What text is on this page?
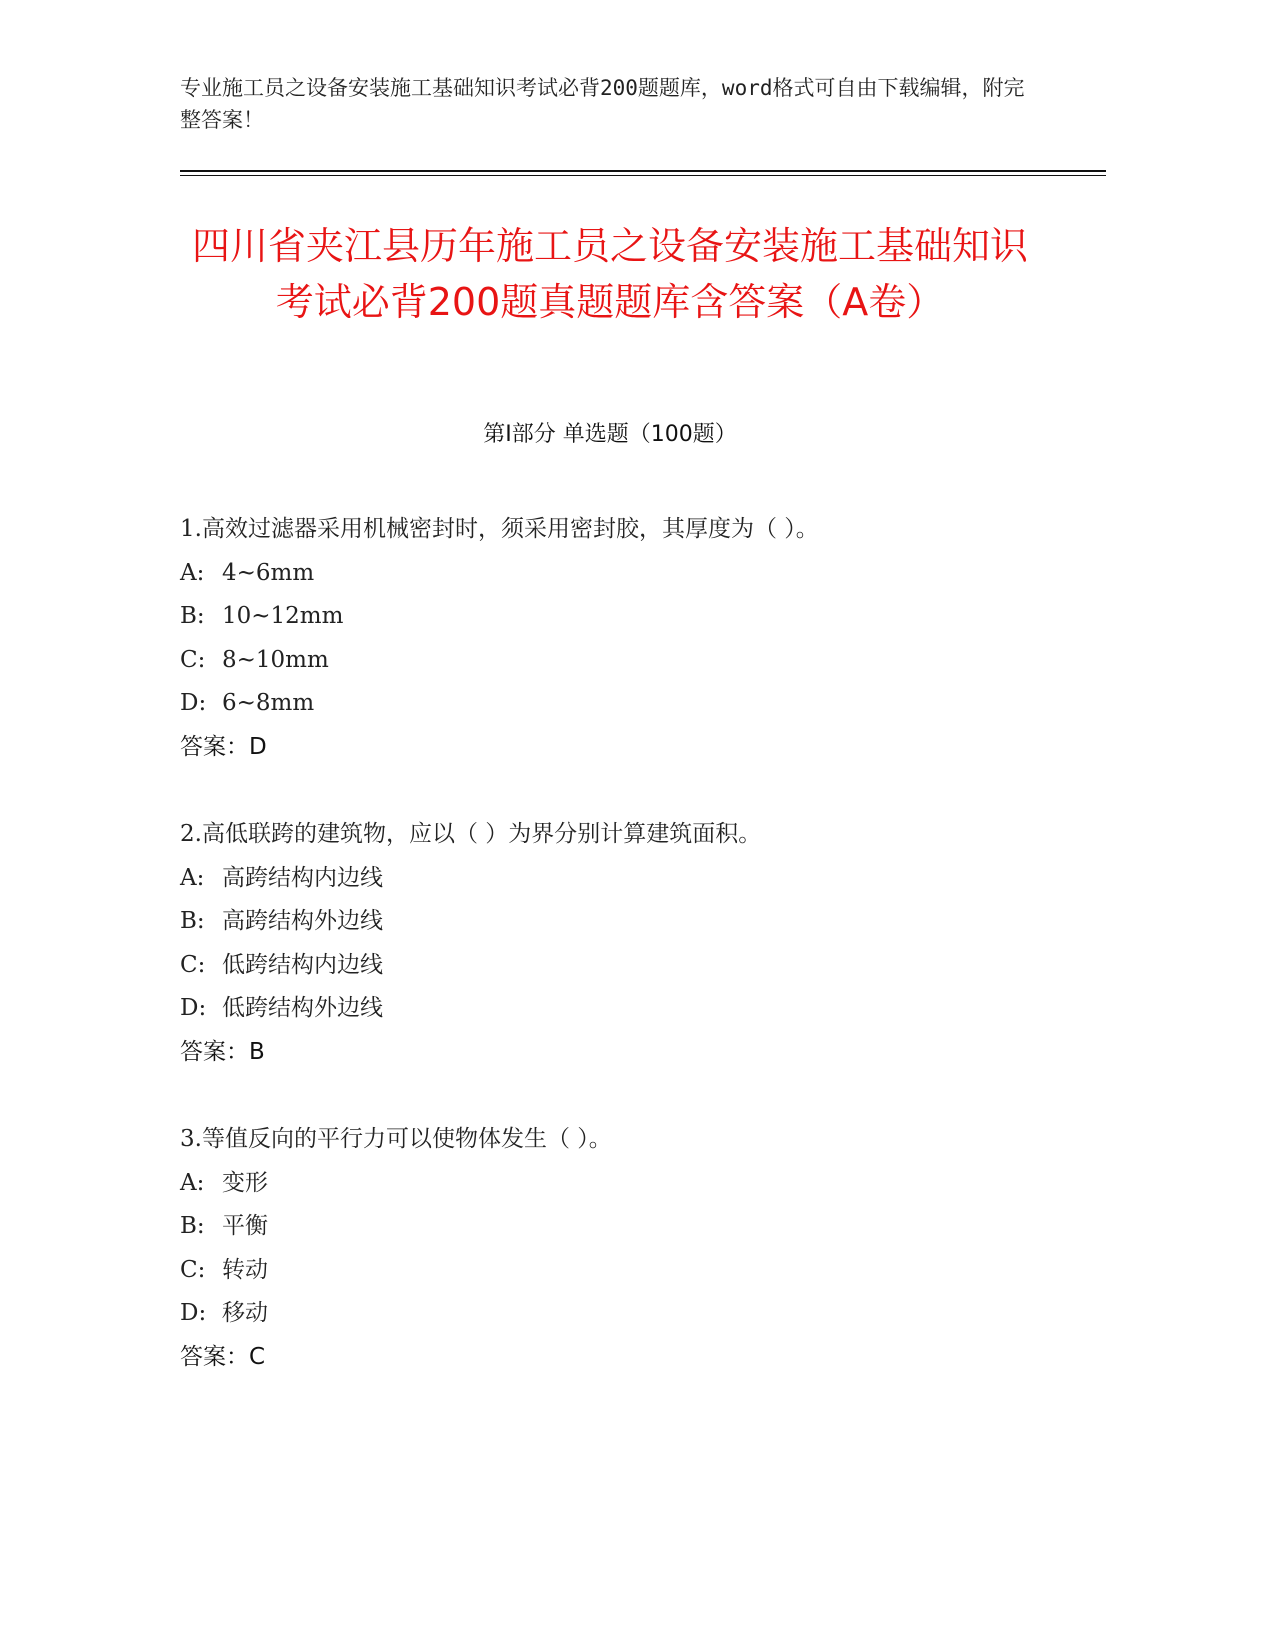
专业施工员之设备安装施工基础知识考试必背200题题库，word格式可自由下载编辑，附完整答案！
四川省夹江县历年施工员之设备安装施工基础知识考试必背200题真题题库含答案（A卷）
第Ⅰ部分 单选题（100题）
1.高效过滤器采用机械密封时，须采用密封胶，其厚度为（ ）。
A: 4~6mm
B: 10~12mm
C: 8~10mm
D: 6~8mm
答案：D
2.高低联跨的建筑物，应以（ ）为界分别计算建筑面积。
A: 高跨结构内边线
B: 高跨结构外边线
C: 低跨结构内边线
D: 低跨结构外边线
答案：B
3.等值反向的平行力可以使物体发生（ ）。
A: 变形
B: 平衡
C: 转动
D: 移动
答案：C
